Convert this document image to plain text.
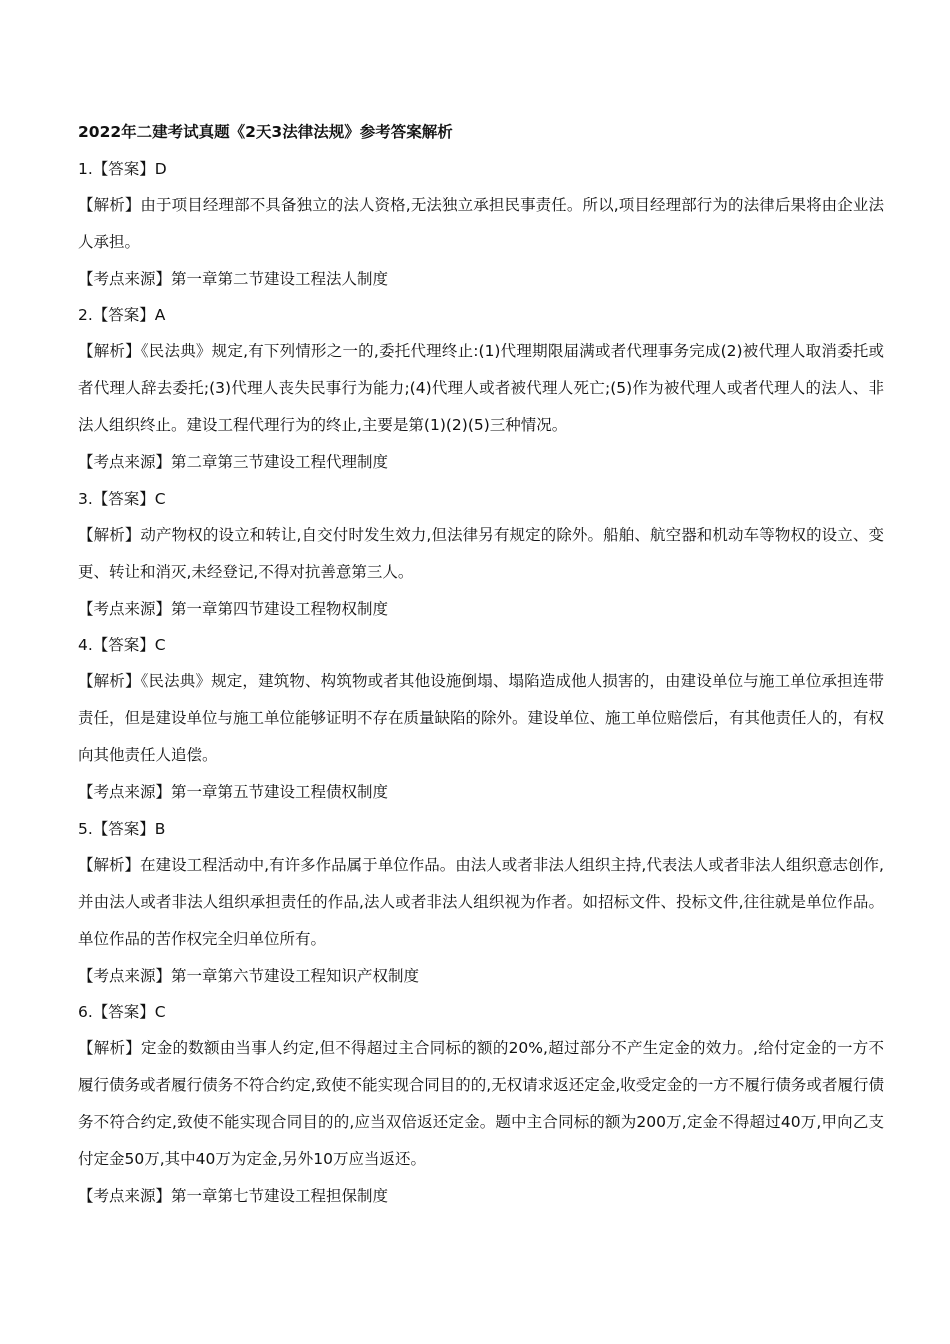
2022年二建考试真题《2天3法律法规》参考答案解析
1.【答案】D
【解析】由于项目经理部不具备独立的法人资格,无法独立承担民事责任。所以,项目经理部行为的法律后果将由企业法人承担。
【考点来源】第一章第二节建设工程法人制度
2.【答案】A
【解析】《民法典》规定,有下列情形之一的,委托代理终止:(1)代理期限届满或者代理事务完成(2)被代理人取消委托或者代理人辞去委托;(3)代理人丧失民事行为能力;(4)代理人或者被代理人死亡;(5)作为被代理人或者代理人的法人、非法人组织终止。建设工程代理行为的终止,主要是第(1)(2)(5)三种情况。
【考点来源】第二章第三节建设工程代理制度
3.【答案】C
【解析】动产物权的设立和转让,自交付时发生效力,但法律另有规定的除外。船舶、航空器和机动车等物权的设立、变更、转让和消灭,未经登记,不得对抗善意第三人。
【考点来源】第一章第四节建设工程物权制度
4.【答案】C
【解析】《民法典》规定，建筑物、构筑物或者其他设施倒塌、塌陷造成他人损害的，由建设单位与施工单位承担连带责任，但是建设单位与施工单位能够证明不存在质量缺陷的除外。建设单位、施工单位赔偿后，有其他责任人的，有权向其他责任人追偿。
【考点来源】第一章第五节建设工程债权制度
5.【答案】B
【解析】在建设工程活动中,有许多作品属于单位作品。由法人或者非法人组织主持,代表法人或者非法人组织意志创作,并由法人或者非法人组织承担责任的作品,法人或者非法人组织视为作者。如招标文件、投标文件,往往就是单位作品。单位作品的苦作权完全归单位所有。
【考点来源】第一章第六节建设工程知识产权制度
6.【答案】C
【解析】定金的数额由当事人约定,但不得超过主合同标的额的20%,超过部分不产生定金的效力。,给付定金的一方不履行债务或者履行债务不符合约定,致使不能实现合同目的的,无权请求返还定金,收受定金的一方不履行债务或者履行债务不符合约定,致使不能实现合同目的的,应当双倍返还定金。题中主合同标的额为200万,定金不得超过40万,甲向乙支付定金50万,其中40万为定金,另外10万应当返还。
【考点来源】第一章第七节建设工程担保制度
